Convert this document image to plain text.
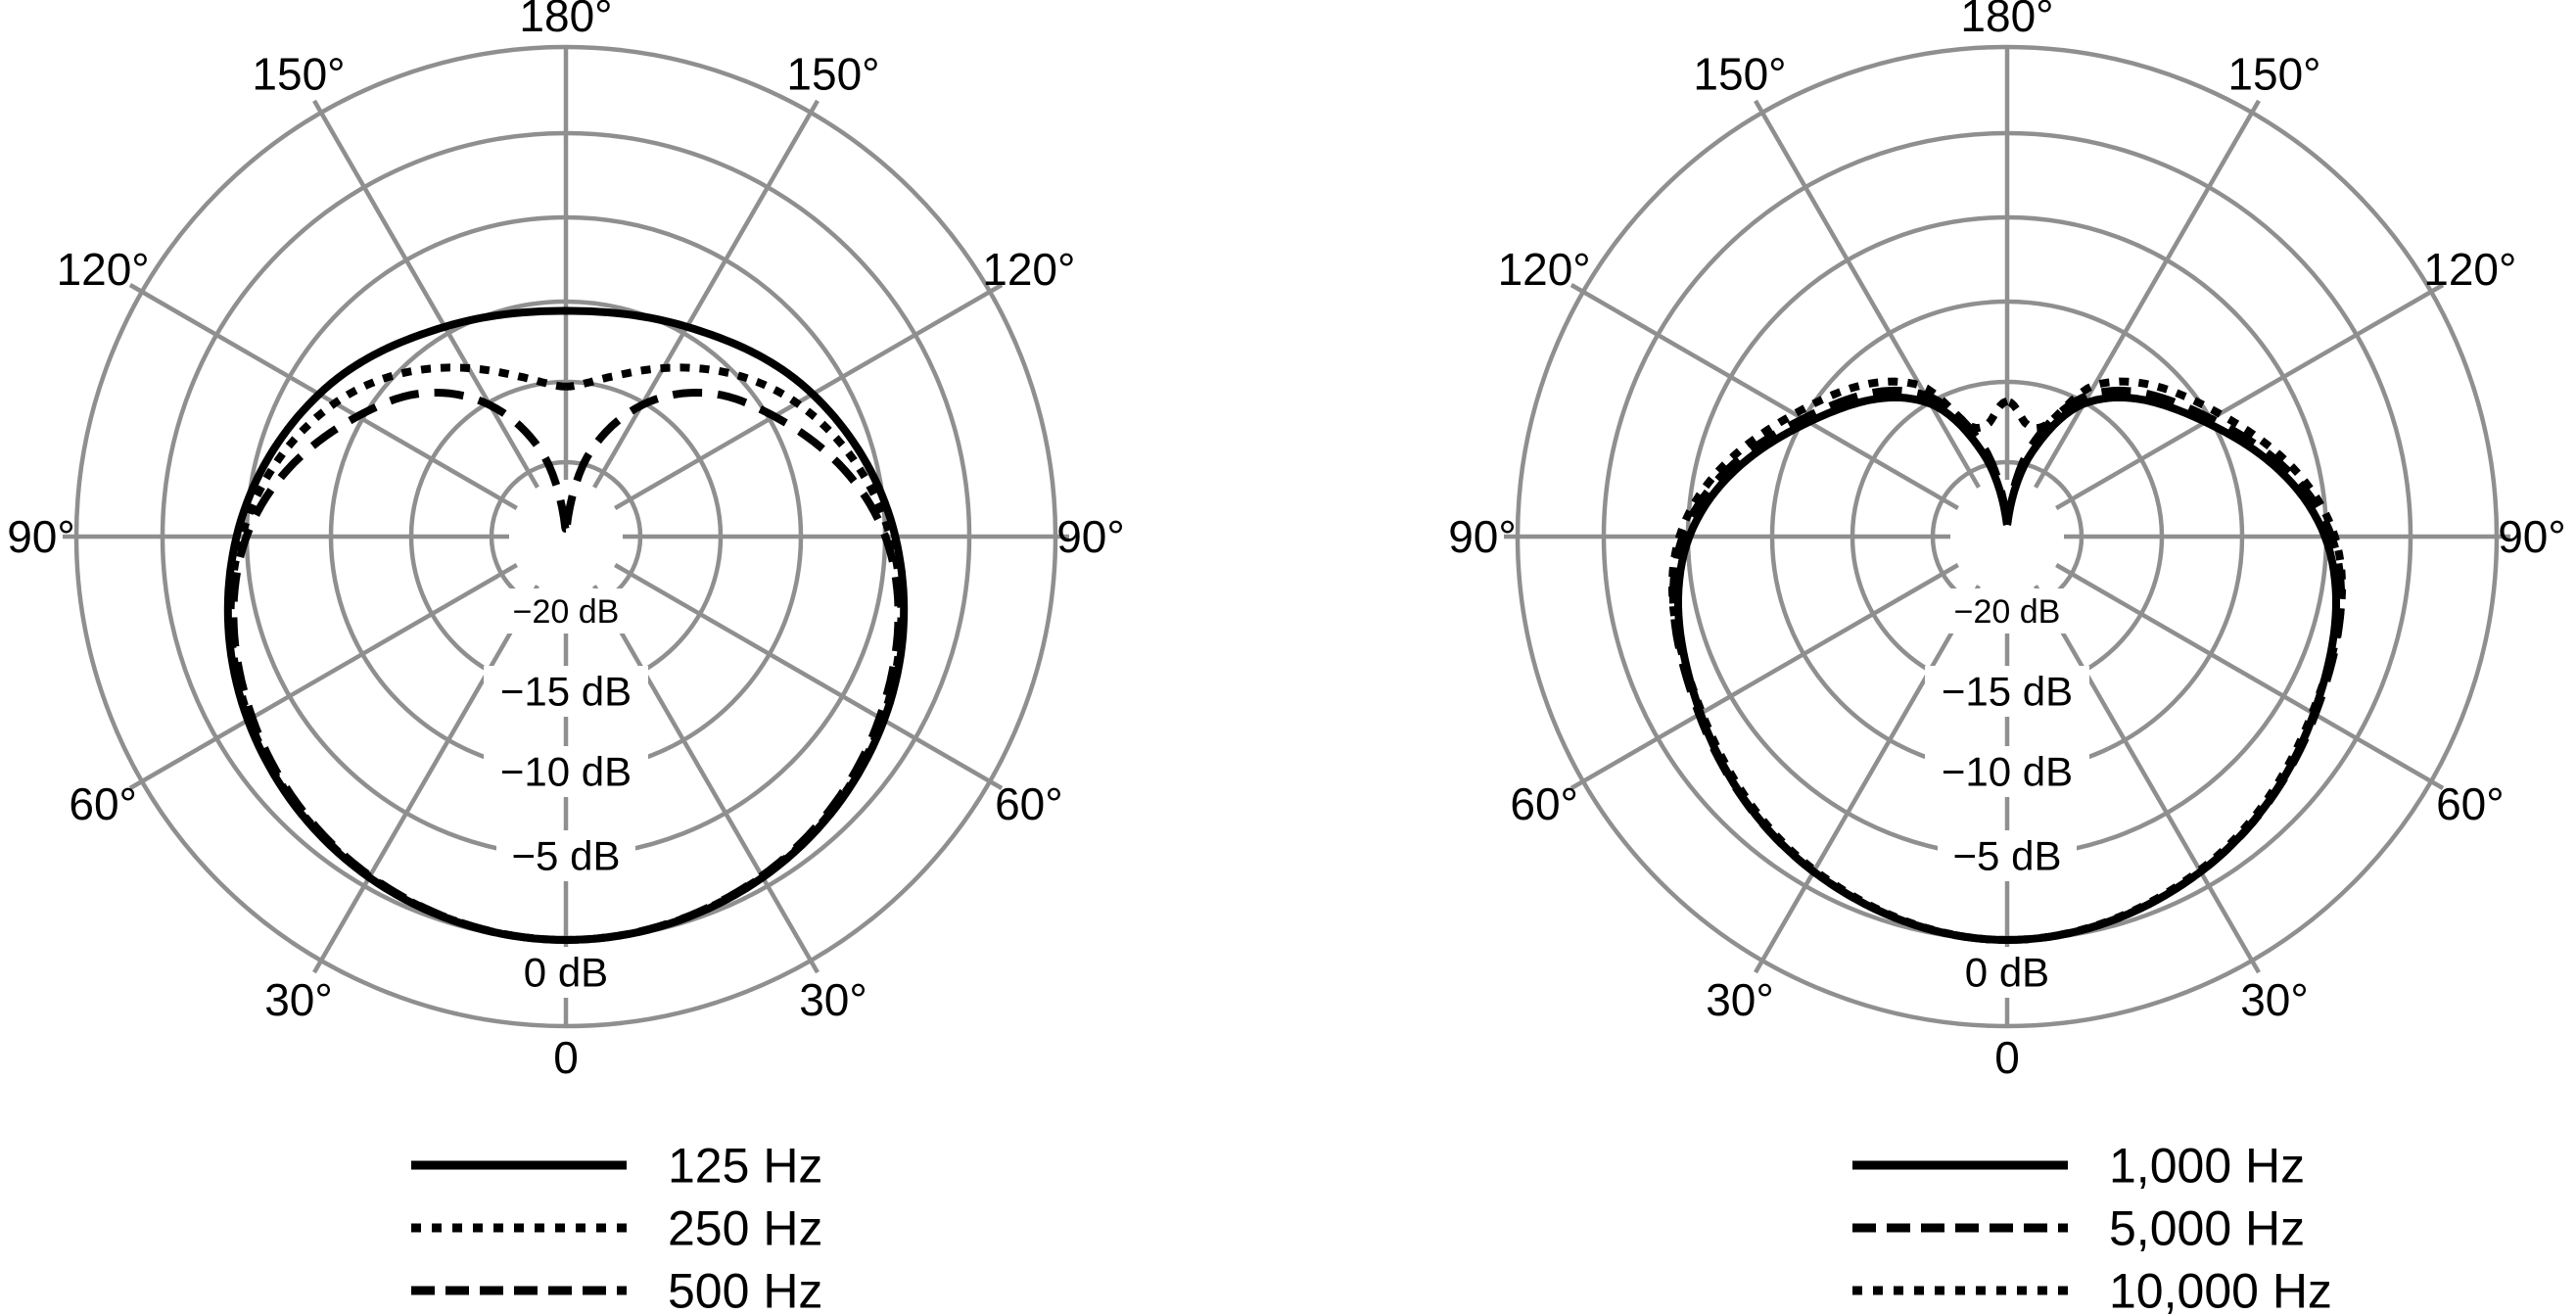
−20 dB
−15 dB
−10 dB
−5 dB
0 dB
180°
150°
150°
120°
120°
90°
90°
60°
60°
30°
30°
0
125 Hz
250 Hz
500 Hz
−20 dB
−15 dB
−10 dB
−5 dB
0 dB
180°
150°
150°
120°
120°
90°
90°
60°
60°
30°
30°
0
1,000 Hz
5,000 Hz
10,000 Hz
